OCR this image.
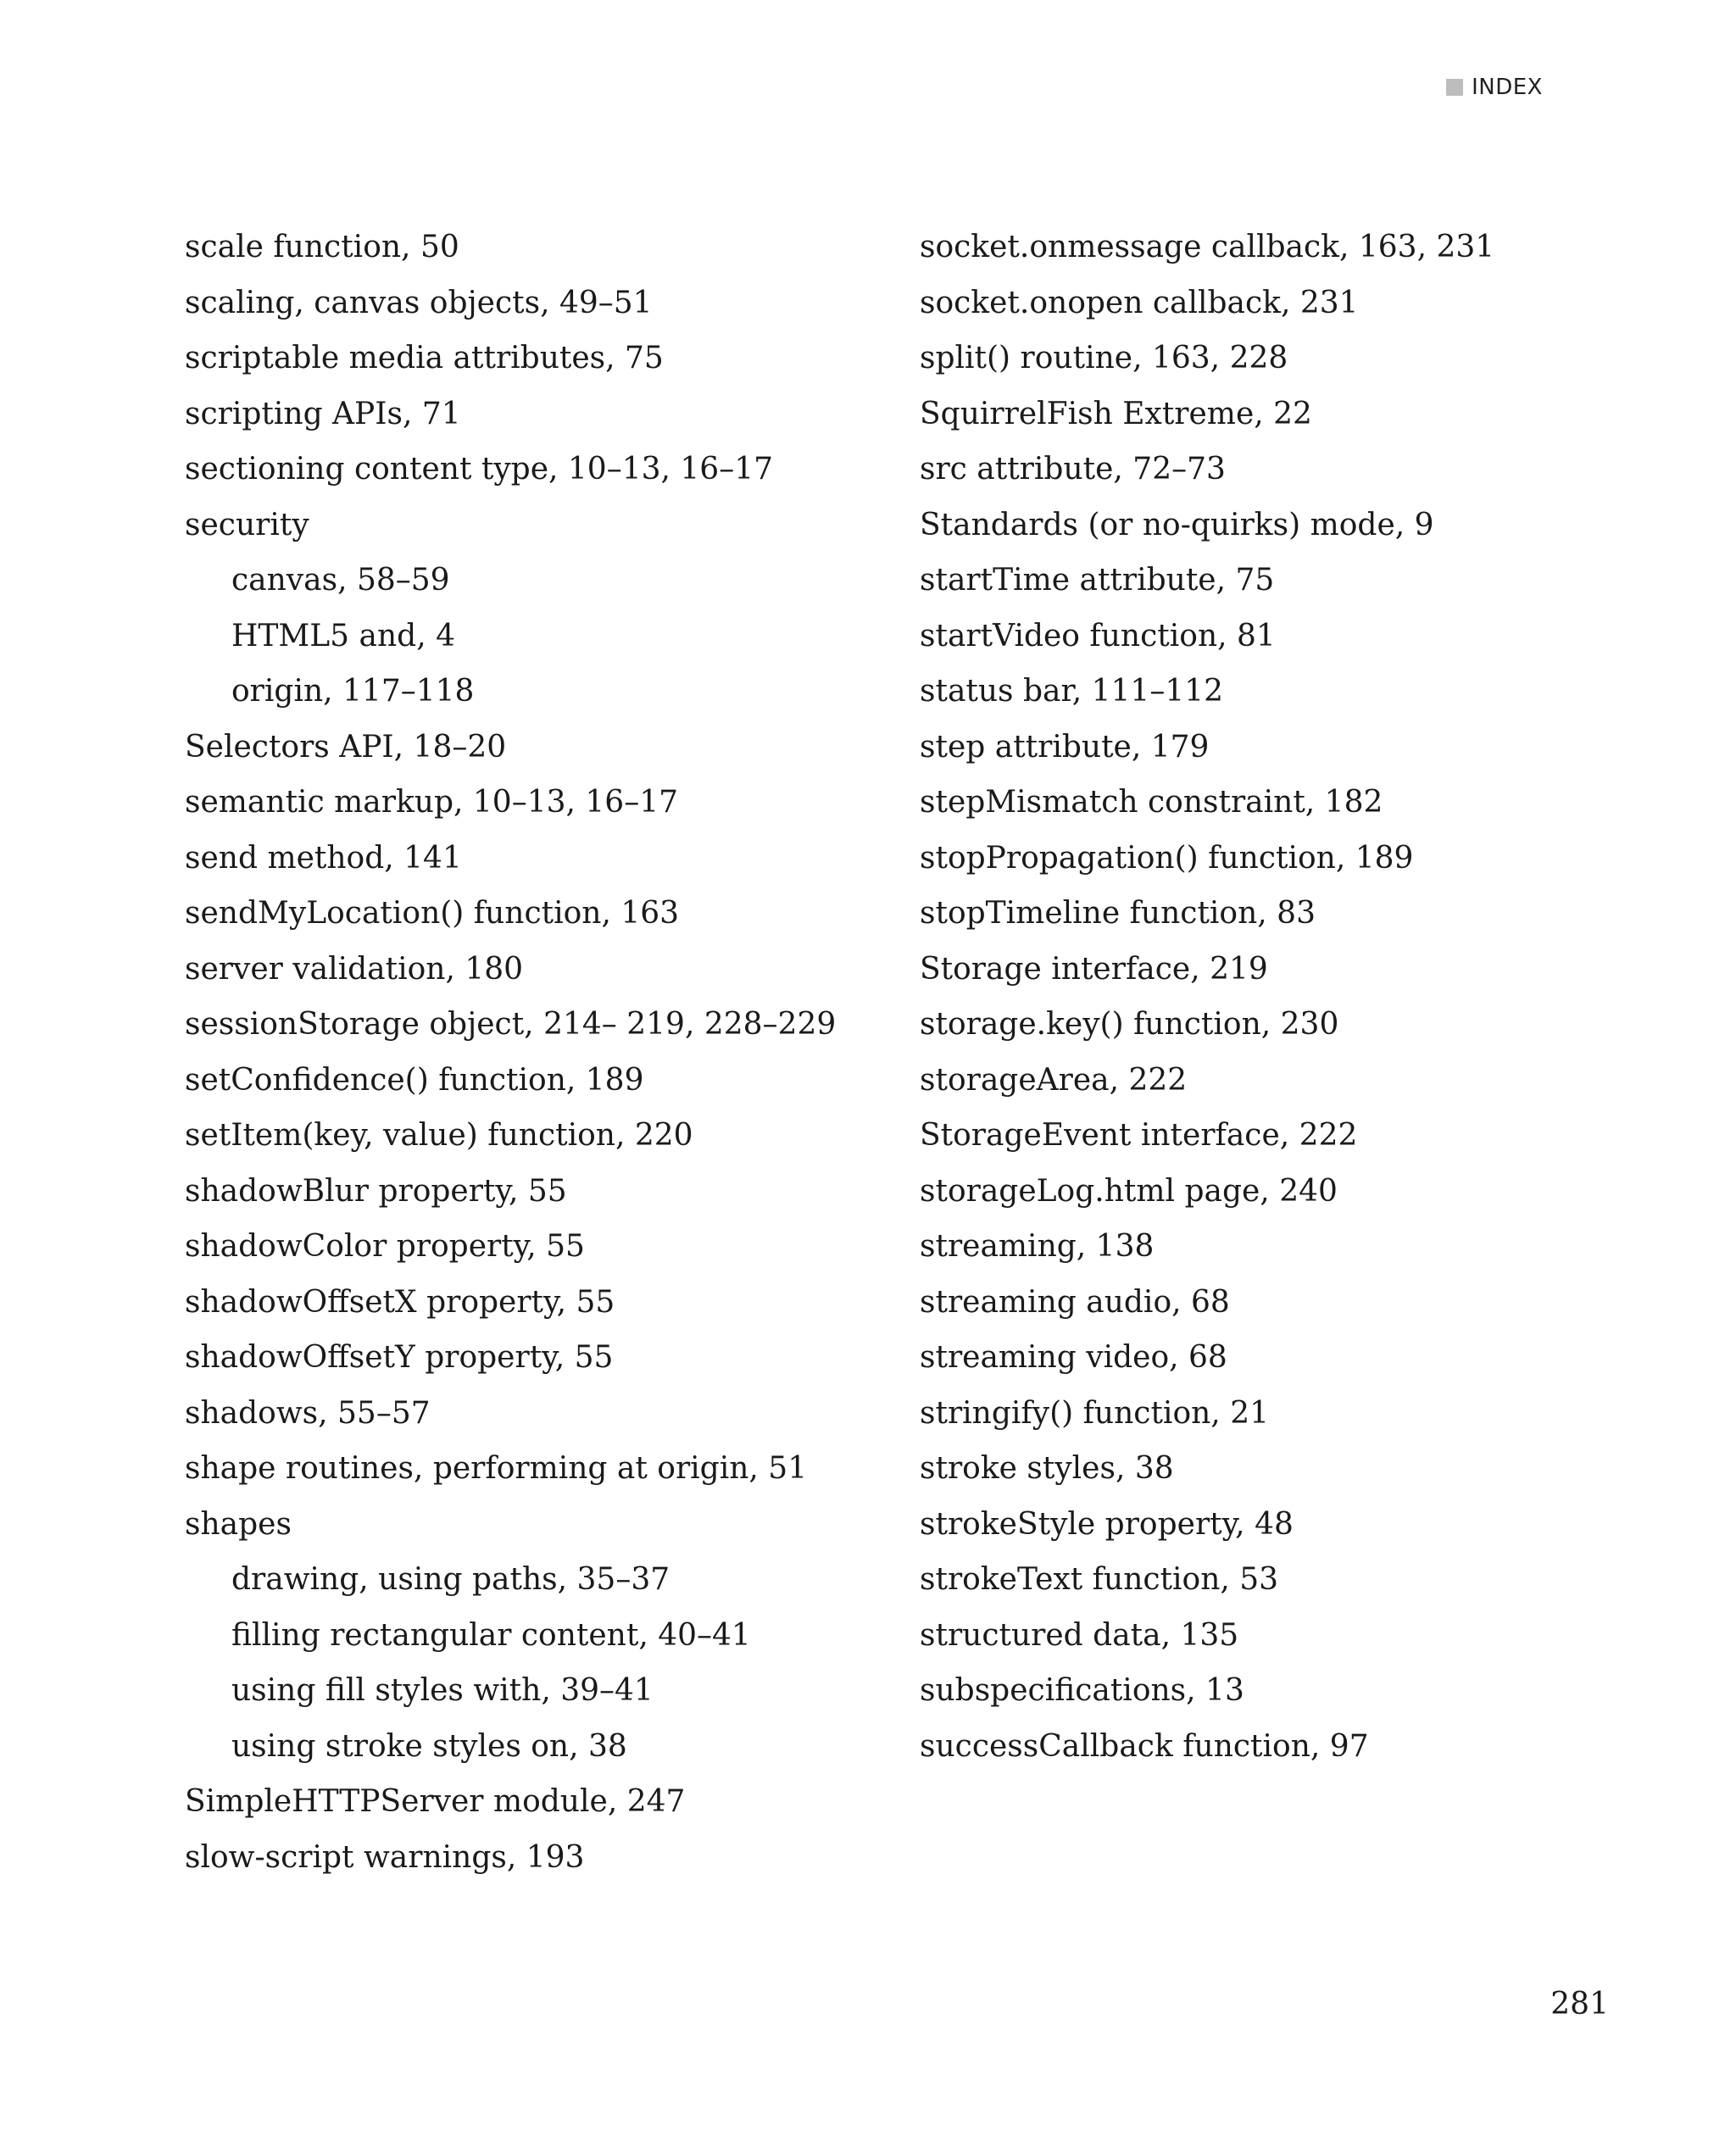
INDEX
scale function, 50
scaling, canvas objects, 49–51
scriptable media attributes, 75
scripting APIs, 71
sectioning content type, 10–13, 16–17
security
canvas, 58–59
HTML5 and, 4
origin, 117–118
Selectors API, 18–20
semantic markup, 10–13, 16–17
send method, 141
sendMyLocation() function, 163
server validation, 180
sessionStorage object, 214– 219, 228–229
setConfidence() function, 189
setItem(key, value) function, 220
shadowBlur property, 55
shadowColor property, 55
shadowOffsetX property, 55
shadowOffsetY property, 55
shadows, 55–57
shape routines, performing at origin, 51
shapes
drawing, using paths, 35–37
filling rectangular content, 40–41
using fill styles with, 39–41
using stroke styles on, 38
SimpleHTTPServer module, 247
slow-script warnings, 193
socket.onmessage callback, 163, 231
socket.onopen callback, 231
split() routine, 163, 228
SquirrelFish Extreme, 22
src attribute, 72–73
Standards (or no-quirks) mode, 9
startTime attribute, 75
startVideo function, 81
status bar, 111–112
step attribute, 179
stepMismatch constraint, 182
stopPropagation() function, 189
stopTimeline function, 83
Storage interface, 219
storage.key() function, 230
storageArea, 222
StorageEvent interface, 222
storageLog.html page, 240
streaming, 138
streaming audio, 68
streaming video, 68
stringify() function, 21
stroke styles, 38
strokeStyle property, 48
strokeText function, 53
structured data, 135
subspecifications, 13
successCallback function, 97
281
